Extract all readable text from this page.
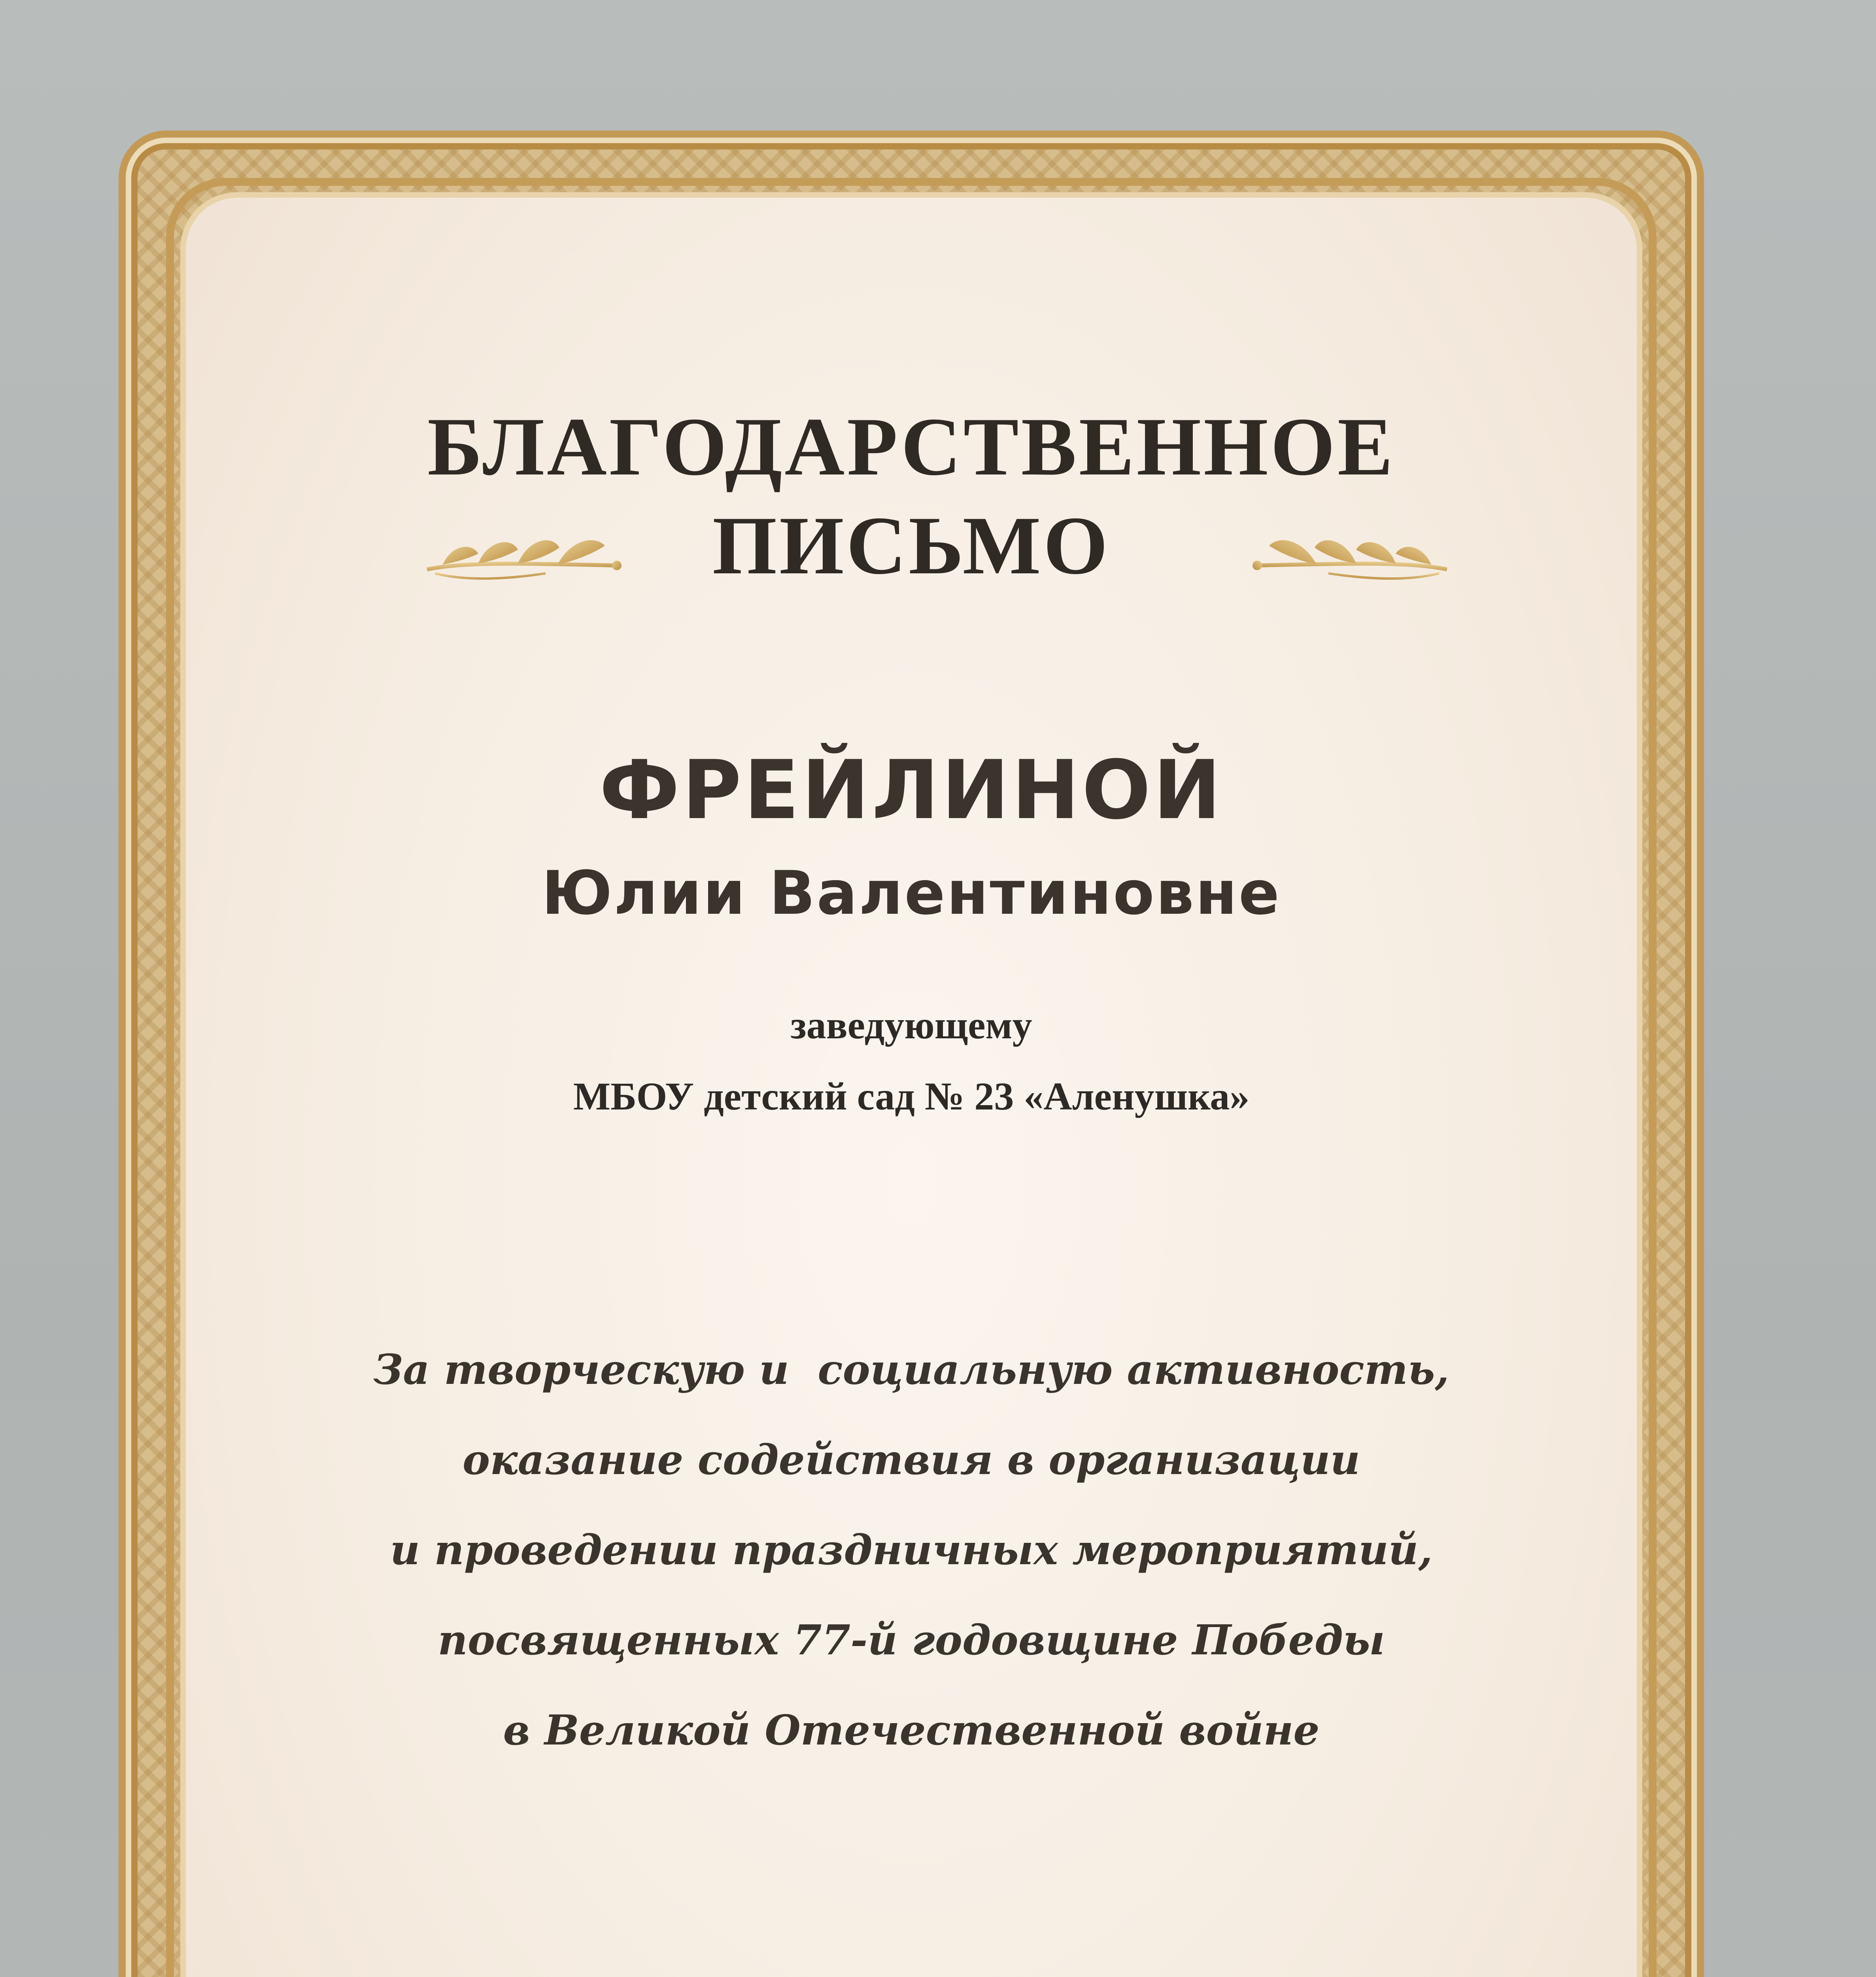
БЛАГОДАРСТВЕННОЕ
ПИСЬМО
ФРЕЙЛИНОЙ
Юлии Валентиновне
заведующему
МБОУ детский сад № 23 «Аленушка»
За творческую и  социальную активность,
оказание содействия в организации
и проведении праздничных мероприятий,
посвященных 77-й годовщине Победы
в Великой Отечественной войне
